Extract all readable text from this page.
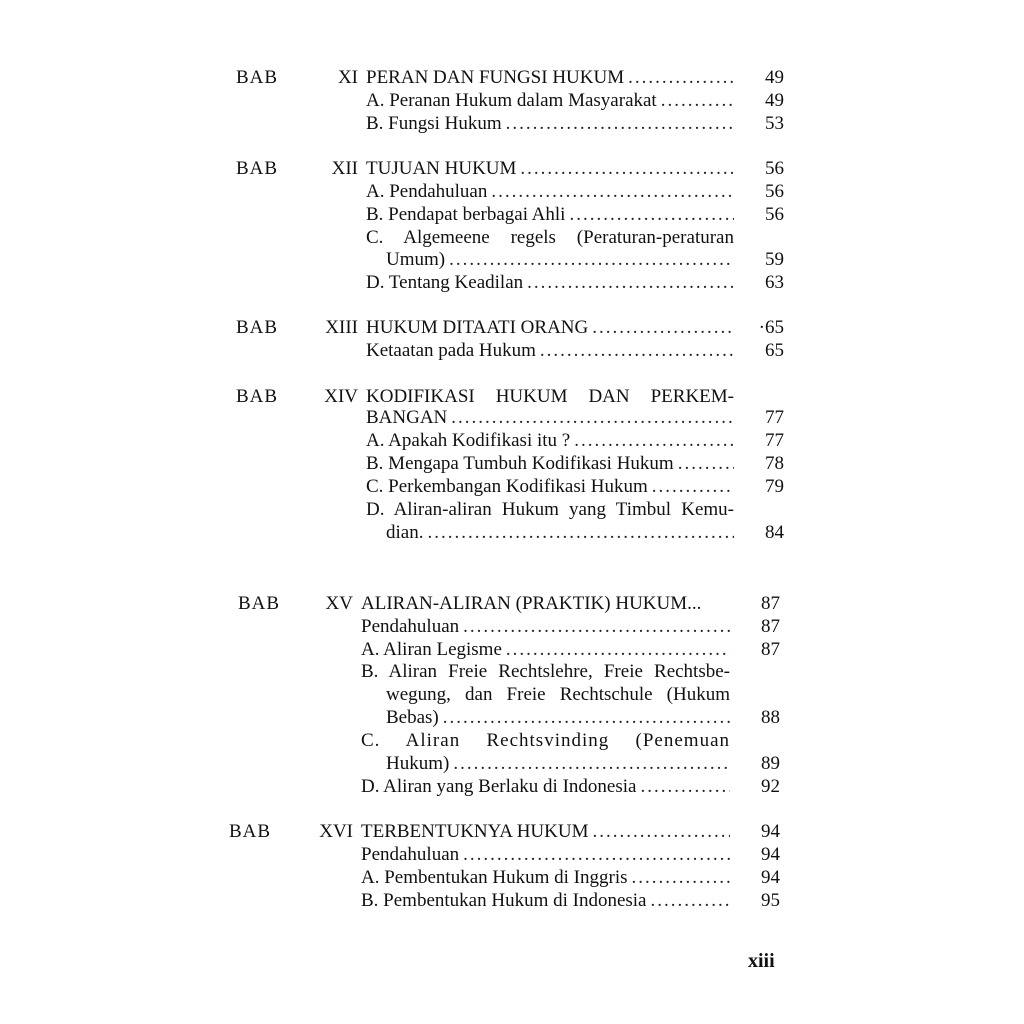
BAB	XI PERAN DAN FUNGSI HUKUM .....	49
A. Peranan Hukum dalam Masyarakat .....	49
B. Fungsi Hukum .....	53
BAB	XII TUJUAN HUKUM .....	56
A. Pendahuluan .....	56
B. Pendapat berbagai Ahli .....	56
C. Algemeene regels (Peraturan-peraturan
Umum) .....	59
D. Tentang Keadilan .....	63
BAB	XIII HUKUM DITAATI ORANG .....	·65
Ketaatan pada Hukum .....	65
BAB	XIV KODIFIKASI HUKUM DAN PERKEM-
BANGAN .....	77
A. Apakah Kodifikasi itu ? .....	77
B. Mengapa Tumbuh Kodifikasi Hukum .....	78
C. Perkembangan Kodifikasi Hukum .....	79
D. Aliran-aliran Hukum yang Timbul Kemu-
dian. .....	84
BAB	XV ALIRAN-ALIRAN (PRAKTIK) HUKUM...	87
Pendahuluan .....	87
A. Aliran Legisme .....	87
B. Aliran Freie Rechtslehre, Freie Rechtsbe-
wegung, dan Freie Rechtschule (Hukum
Bebas) .....	88
C. Aliran Rechtsvinding (Penemuan
Hukum) .....	89
D. Aliran yang Berlaku di Indonesia .....	92
BAB	XVI TERBENTUKNYA HUKUM .....	94
Pendahuluan .....	94
A. Pembentukan Hukum di Inggris .....	94
B. Pembentukan Hukum di Indonesia .....	95
xiii
